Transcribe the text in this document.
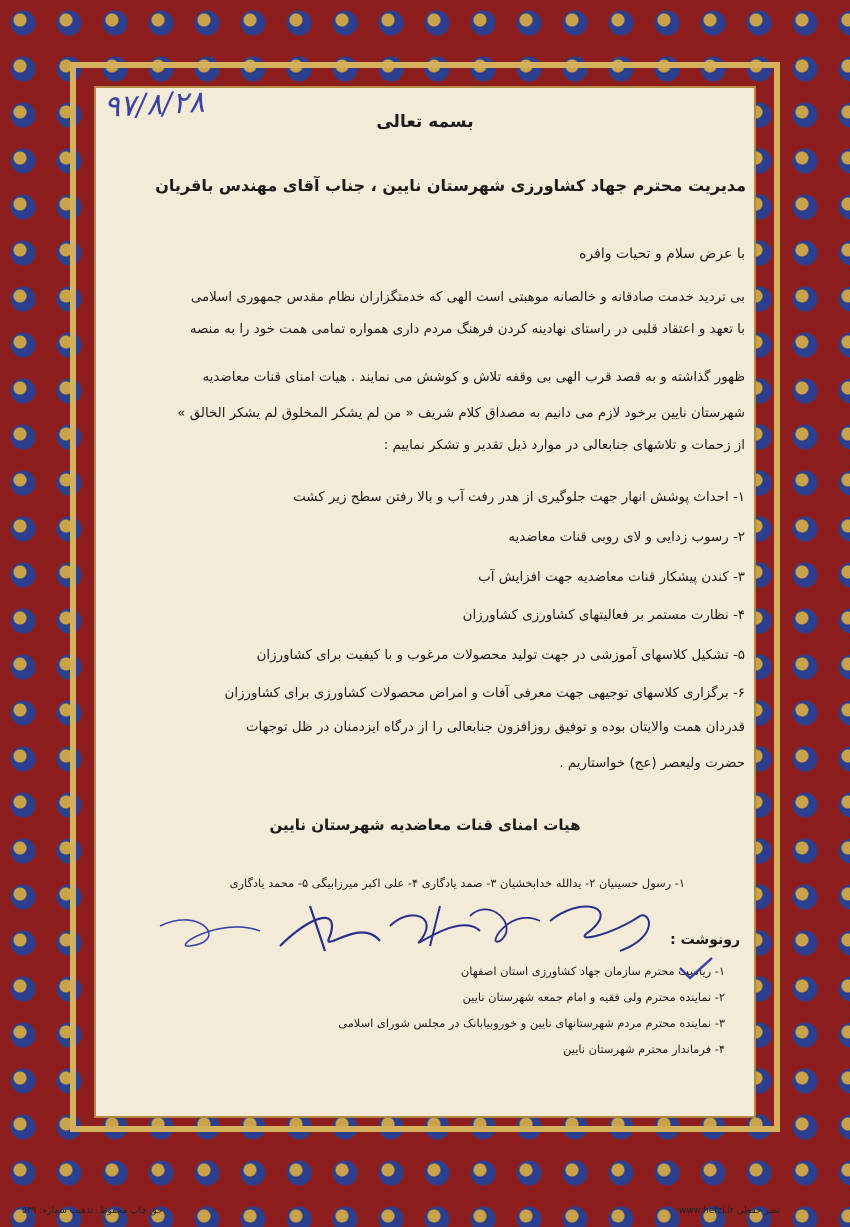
۹۷/۸/۲۸	بسمه تعالی
مدیریت محترم جهاد کشاورزی شهرستان نایین ، جناب آقای مهندس باقریان
با عرض سلام و تحیات وافره
بی تردید خدمت صادقانه و خالصانه موهبتی است الهی که خدمتگزاران نظام مقدس جمهوری اسلامی
با تعهد و اعتقاد قلبی در راستای نهادینه کردن فرهنگ مردم داری همواره تمامی همت خود را به منصه
ظهور گذاشته و به قصد قرب الهی بی وقفه تلاش و کوشش می نمایند . هیات امنای قنات معاضدیه
شهرستان نایین برخود لازم می دانیم به مصداق کلام شریف « من لم یشکر المخلوق لم یشکر الخالق »
از زحمات و تلاشهای جنابعالی در موارد ذیل تقدیر و تشکر نماییم :
۱- احداث پوشش انهار جهت جلوگیری از هدر رفت آب و بالا رفتن سطح زیر کشت
۲- رسوب زدایی و لای روبی قنات معاضدیه
۳- کندن پیشکار قنات معاضدیه جهت افزایش آب
۴- نظارت مستمر بر فعالیتهای کشاورزی کشاورزان
۵- تشکیل کلاسهای آموزشی در جهت تولید محصولات مرغوب و با کیفیت برای کشاورزان
۶- برگزاری کلاسهای توجیهی جهت معرفی آفات و امراض محصولات کشاورزی برای کشاورزان
قدردان همت والایتان بوده و توفیق روزافزون جنابعالی را از درگاه ایزدمنان در ظل توجهات
حضرت ولیعصر (عج) خواستاریم .
هیات امنای قنات معاضدیه شهرستان نایین
۱- رسول حسینیان ۲- یدالله خدابخشیان ۳- صمد یادگاری ۴- علی اکبر میرزابیگی ۵- محمد یادگاری
رونوشت :
۱- ریاست محترم سازمان جهاد کشاورزی استان اصفهان
۲- نماینده محترم ولی فقیه و امام جمعه شهرستان نایین
۳- نماینده محترم مردم شهرستانهای نایین و خوروبیابانک در مجلس شورای اسلامی
۴- فرماندار محترم شهرستان نایین
حق چاپ محفوظ. تذهیب شماره: ۵۳۹	www.hefzi.ir نشر حفظی
